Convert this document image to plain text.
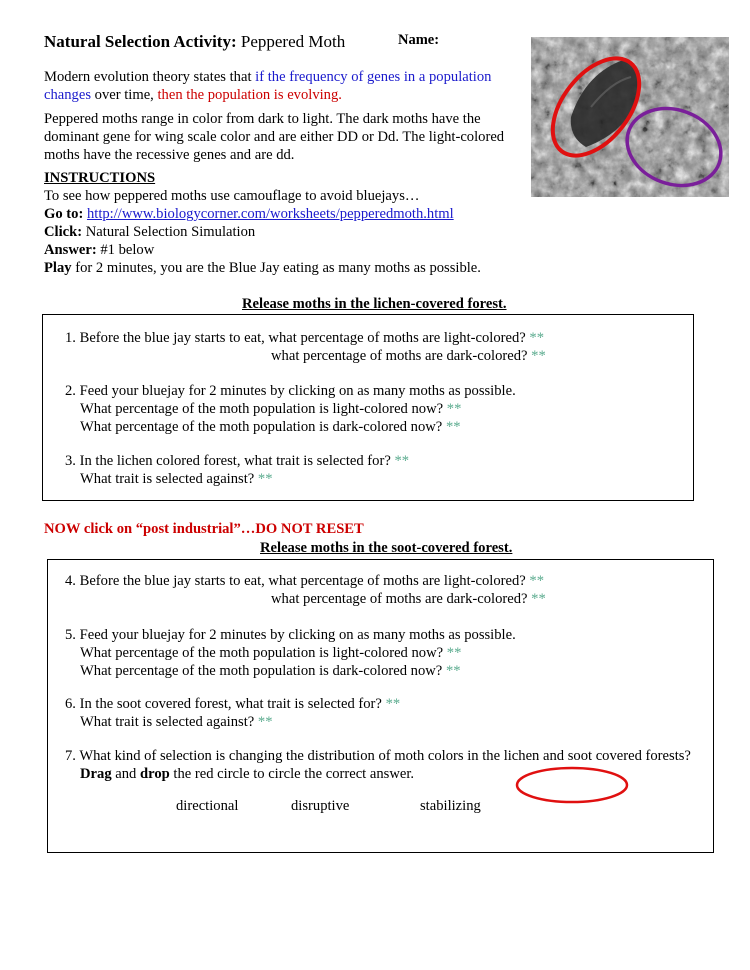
Natural Selection Activity: Peppered Moth	Name:
Modern evolution theory states that if the frequency of genes in a population changes over time, then the population is evolving.
Peppered moths range in color from dark to light. The dark moths have the dominant gene for wing scale color and are either DD or Dd. The light-colored moths have the recessive genes and are dd.
INSTRUCTIONS
To see how peppered moths use camouflage to avoid bluejays…
Go to: http://www.biologycorner.com/worksheets/pepperedmoth.html
Click: Natural Selection Simulation
Answer: #1 below
Play for 2 minutes, you are the Blue Jay eating as many moths as possible.
Release moths in the lichen-covered forest.
1. Before the blue jay starts to eat, what percentage of moths are light-colored? **
what percentage of moths are dark-colored? **
2. Feed your bluejay for 2 minutes by clicking on as many moths as possible.
What percentage of the moth population is light-colored now? **
What percentage of the moth population is dark-colored now? **
3. In the lichen colored forest, what trait is selected for? **
What trait is selected against? **
NOW click on “post industrial”…DO NOT RESET
Release moths in the soot-covered forest.
4. Before the blue jay starts to eat, what percentage of moths are light-colored? **
what percentage of moths are dark-colored? **
5. Feed your bluejay for 2 minutes by clicking on as many moths as possible.
What percentage of the moth population is light-colored now? **
What percentage of the moth population is dark-colored now? **
6. In the soot covered forest, what trait is selected for? **
What trait is selected against? **
7. What kind of selection is changing the distribution of moth colors in the lichen and soot covered forests?
Drag and drop the red circle to circle the correct answer.
directional	disruptive	stabilizing
